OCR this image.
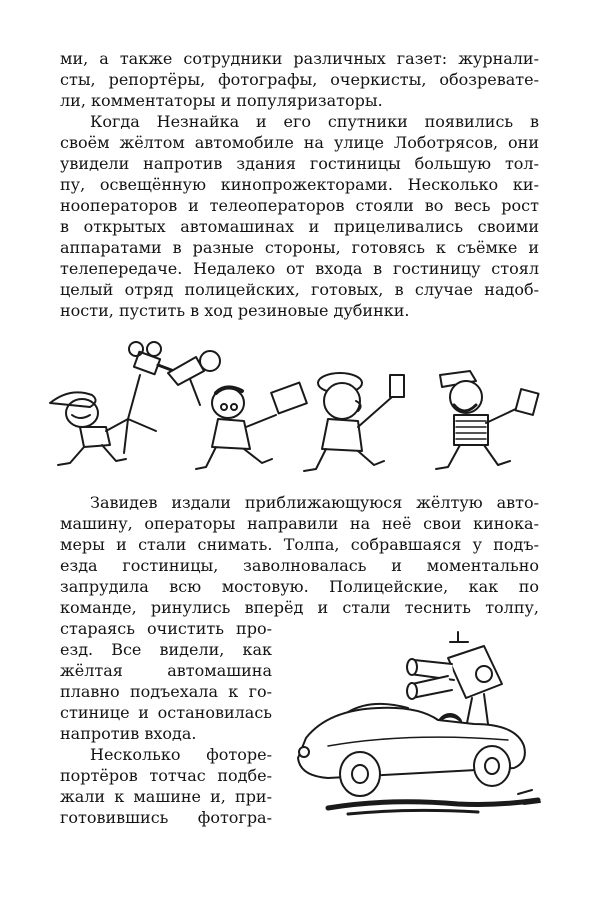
ми, а также сотрудники различных газет: журнали-
сты, репортёры, фотографы, очеркисты, обозревате-
ли, комментаторы и популяризаторы.
Когда Незнайка и его спутники появились в
своём жёлтом автомобиле на улице Лоботрясов, они
увидели напротив здания гостиницы большую тол-
пу, освещённую кинопрожекторами. Несколько ки-
нооператоров и телеоператоров стояли во весь рост
в открытых автомашинах и прицеливались своими
аппаратами в разные стороны, готовясь к съёмке и
телепередаче. Недалеко от входа в гостиницу стоял
целый отряд полицейских, готовых, в случае надоб-
ности, пустить в ход резиновые дубинки.
Завидев издали приближающуюся жёлтую авто-
машину, операторы направили на неё свои кинока-
меры и стали снимать. Толпа, собравшаяся у подъ-
езда гостиницы, заволновалась и моментально
запрудила всю мостовую. Полицейские, как по
команде, ринулись вперёд и стали теснить толпу,
стараясь очистить про-
езд. Все видели, как
жёлтая автомашина
плавно подъехала к го-
стинице и остановилась
напротив входа.
Несколько фоторе-
портёров тотчас подбе-
жали к машине и, при-
готовившись фотогра-
